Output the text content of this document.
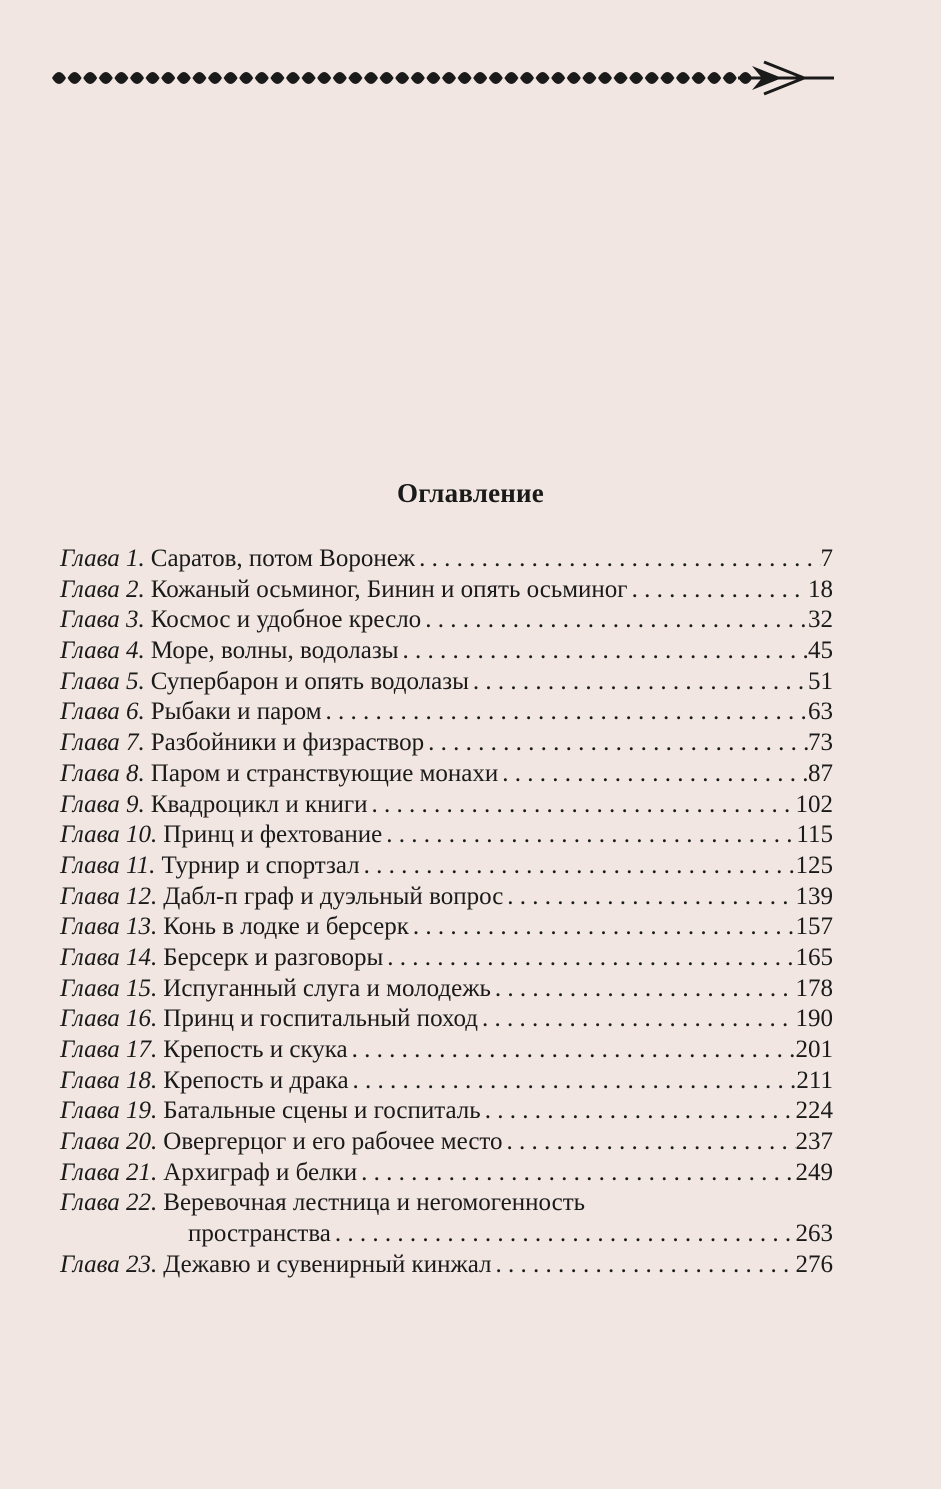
Оглавление
Глава 1. Саратов, потом Воронеж . . .	7
Глава 2. Кожаный осьминог, Бинин и опять осьминог . . .	18
Глава 3. Космос и удобное кресло . . .	32
Глава 4. Море, волны, водолазы . . .	45
Глава 5. Супербарон и опять водолазы . . .	51
Глава 6. Рыбаки и паром . . .	63
Глава 7. Разбойники и физраствор . . .	73
Глава 8. Паром и странствующие монахи . . .	87
Глава 9. Квадроцикл и книги . . .	102
Глава 10. Принц и фехтование . . .	115
Глава 11. Турнир и спортзал . . .	125
Глава 12. Дабл-п граф и дуэльный вопрос . . .	139
Глава 13. Конь в лодке и берсерк . . .	157
Глава 14. Берсерк и разговоры . . .	165
Глава 15. Испуганный слуга и молодежь . . .	178
Глава 16. Принц и госпитальный поход . . .	190
Глава 17. Крепость и скука . . .	201
Глава 18. Крепость и драка . . .	211
Глава 19. Батальные сцены и госпиталь . . .	224
Глава 20. Овергерцог и его рабочее место . . .	237
Глава 21. Архиграф и белки . . .	249
Глава 22. Веревочная лестница и негомогенность
пространства . . .	263
Глава 23. Дежавю и сувенирный кинжал . . .	276
